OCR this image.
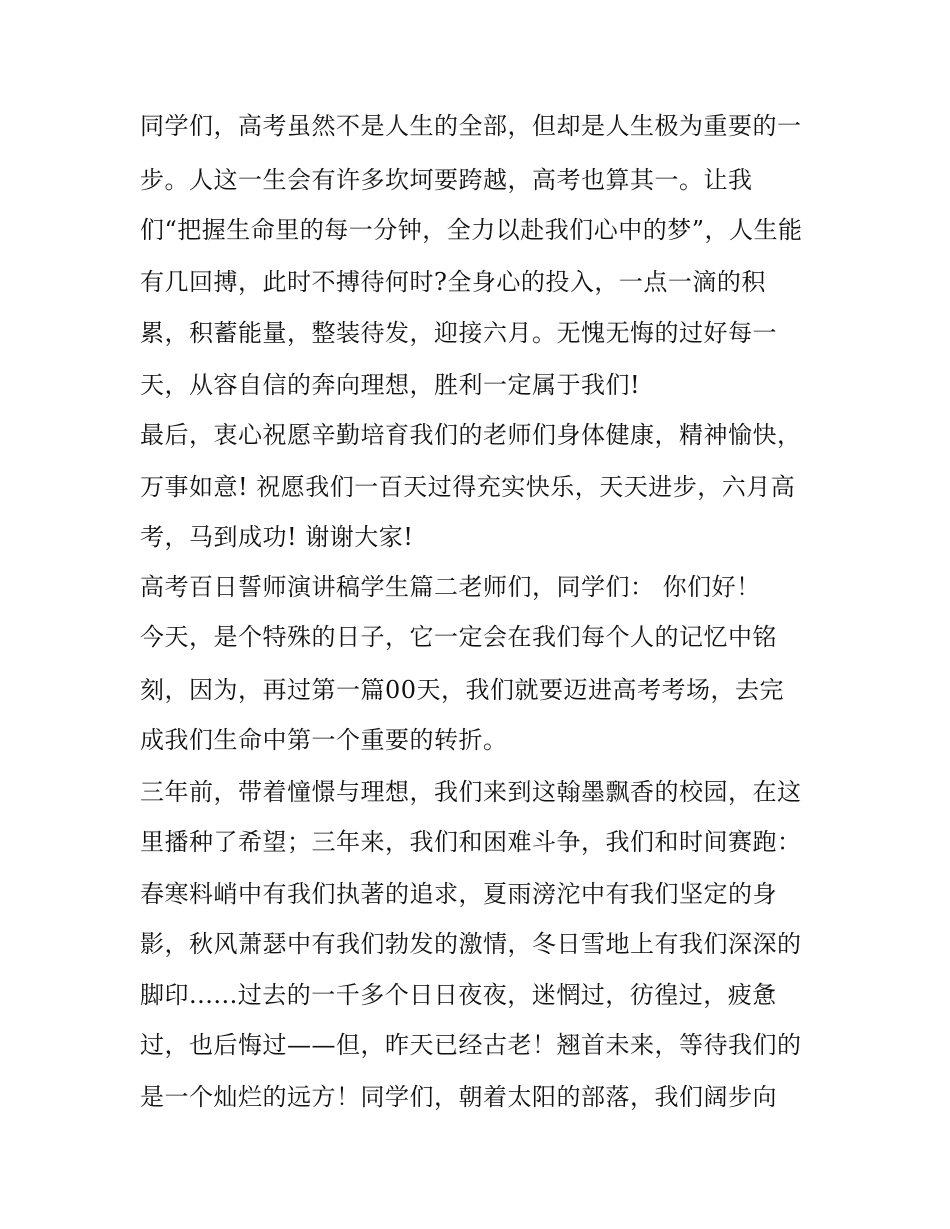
同学们，高考虽然不是人生的全部，但却是人生极为重要的一
步。人这一生会有许多坎坷要跨越，高考也算其一。让我
们“把握生命里的每一分钟，全力以赴我们心中的梦”，人生能
有几回搏，此时不搏待何时?全身心的投入，一点一滴的积
累，积蓄能量，整装待发，迎接六月。无愧无悔的过好每一
天，从容自信的奔向理想，胜利一定属于我们!
最后，衷心祝愿辛勤培育我们的老师们身体健康，精神愉快，
万事如意! 祝愿我们一百天过得充实快乐，天天进步，六月高
考，马到成功! 谢谢大家!
高考百日誓师演讲稿学生篇二老师们，同学们： 你们好！
今天，是个特殊的日子，它一定会在我们每个人的记忆中铭
刻，因为，再过第一篇00天，我们就要迈进高考考场，去完
成我们生命中第一个重要的转折。
三年前，带着憧憬与理想，我们来到这翰墨飘香的校园，在这
里播种了希望；三年来，我们和困难斗争，我们和时间赛跑：
春寒料峭中有我们执著的追求，夏雨滂沱中有我们坚定的身
影，秋风萧瑟中有我们勃发的激情，冬日雪地上有我们深深的
脚印......过去的一千多个日日夜夜，迷惘过，彷徨过，疲惫
过，也后悔过——但，昨天已经古老！翘首未来，等待我们的
是一个灿烂的远方！同学们，朝着太阳的部落，我们阔步向
